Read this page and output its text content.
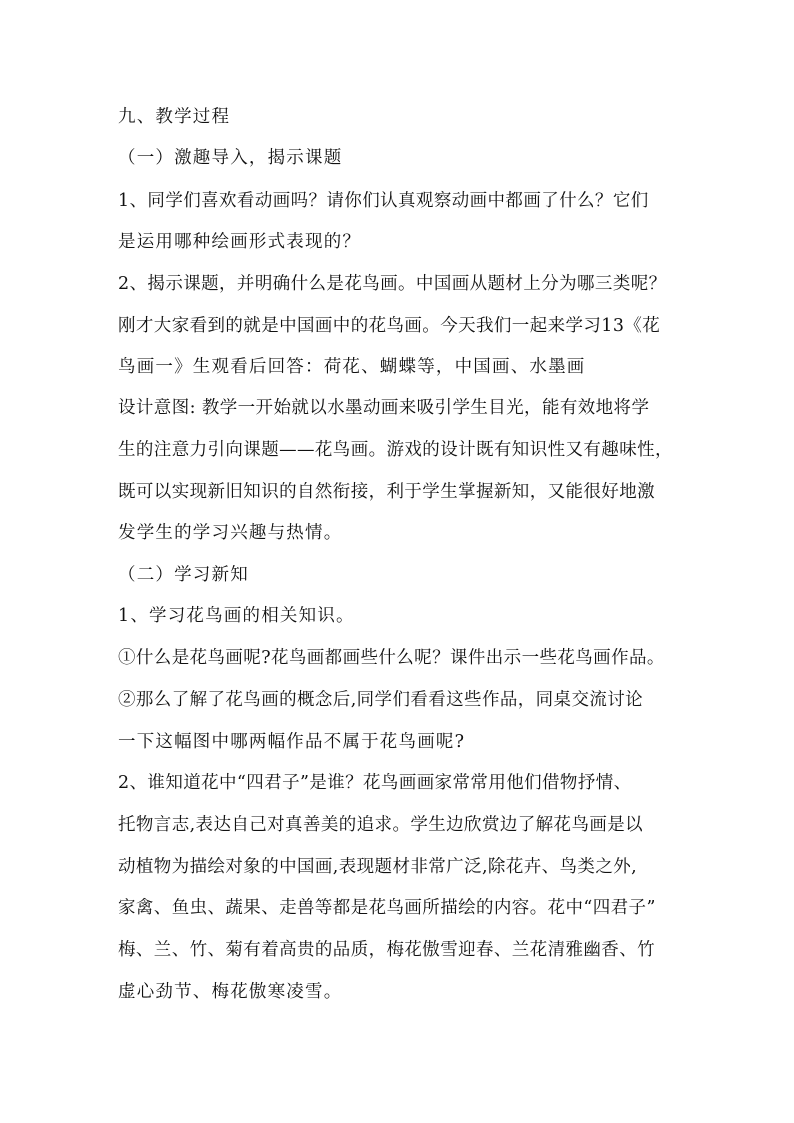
九、教学过程
（一）激趣导入，揭示课题
1、同学们喜欢看动画吗？请你们认真观察动画中都画了什么？它们
是运用哪种绘画形式表现的？
2、揭示课题，并明确什么是花鸟画。中国画从题材上分为哪三类呢？
刚才大家看到的就是中国画中的花鸟画。今天我们一起来学习13《花
鸟画一》生观看后回答：荷花、蝴蝶等，中国画、水墨画
设计意图: 教学一开始就以水墨动画来吸引学生目光，能有效地将学
生的注意力引向课题——花鸟画。游戏的设计既有知识性又有趣味性，
既可以实现新旧知识的自然衔接，利于学生掌握新知，又能很好地激
发学生的学习兴趣与热情。
（二）学习新知
1、学习花鸟画的相关知识。
①什么是花鸟画呢?花鸟画都画些什么呢？课件出示一些花鸟画作品。
②那么了解了花鸟画的概念后,同学们看看这些作品，同桌交流讨论
一下这幅图中哪两幅作品不属于花鸟画呢?
2、谁知道花中“四君子”是谁？花鸟画画家常常用他们借物抒情、
托物言志,表达自己对真善美的追求。学生边欣赏边了解花鸟画是以
动植物为描绘对象的中国画,表现题材非常广泛,除花卉、鸟类之外,
家禽、鱼虫、蔬果、走兽等都是花鸟画所描绘的内容。花中“四君子”
梅、兰、竹、菊有着高贵的品质，梅花傲雪迎春、兰花清雅幽香、竹
虚心劲节、梅花傲寒凌雪。
